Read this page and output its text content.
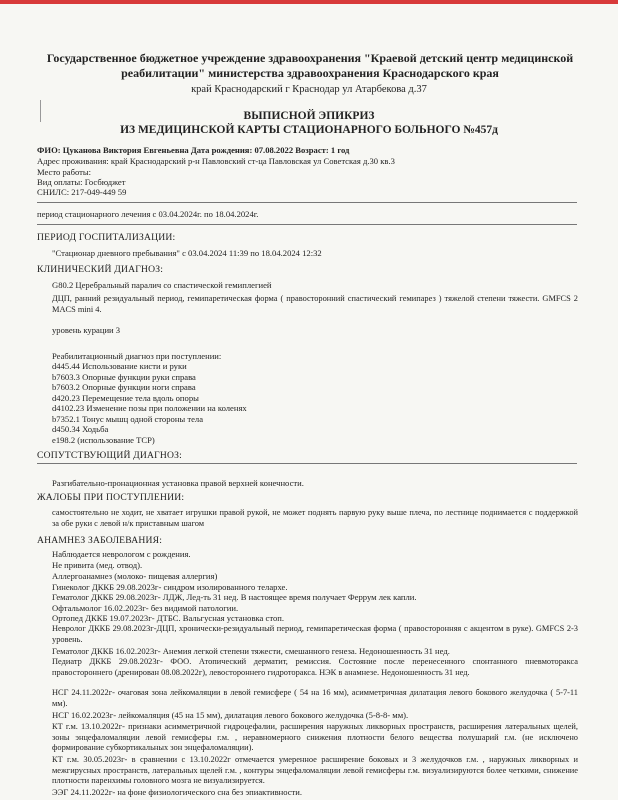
Государственное бюджетное учреждение здравоохранения "Краевой детский центр медицинской реабилитации" министерства здравоохранения Краснодарского края
край Краснодарский г Краснодар ул Атарбекова д.37
ВЫПИСНОЙ ЭПИКРИЗ
ИЗ МЕДИЦИНСКОЙ КАРТЫ СТАЦИОНАРНОГО БОЛЬНОГО №457д
ФИО: Цуканова Виктория Евгеньевна Дата рождения: 07.08.2022 Возраст: 1 год
Адрес проживания: край Краснодарский р-н Павловский ст-ца Павловская ул Советская д.30 кв.3
Место работы:
Вид оплаты: Госбюджет
СНИЛС: 217-049-449 59
период стационарного лечения с 03.04.2024г. по 18.04.2024г.
ПЕРИОД ГОСПИТАЛИЗАЦИИ:
"Стационар дневного пребывания" с 03.04.2024 11:39 по 18.04.2024 12:32
КЛИНИЧЕСКИЙ ДИАГНОЗ:
G80.2 Церебральный паралич со спастической гемиплегией
ДЦП, ранний резидуальный период, гемипаретическая форма ( правосторонний спастический гемипарез ) тяжелой степени тяжести. GMFCS 2 MACS mini 4.
уровень курации 3
Реабилитационный диагноз при поступлении:
d445.44 Использование кисти и руки
b7603.3 Опорные функции руки справа
b7603.2 Опорные функции ноги справа
d420.23 Перемещение тела вдоль опоры
d4102.23 Изменение позы при положении на коленях
b7352.1 Тонус мышц одной стороны тела
d450.34 Ходьба
e198.2 (использование ТСР)
СОПУТСТВУЮЩИЙ ДИАГНОЗ:
Разгибательно-пронационная установка правой верхней конечности.
ЖАЛОБЫ ПРИ ПОСТУПЛЕНИИ:
самостоятельно не ходит, не хватает игрушки правой рукой, не может поднять парвую руку выше плеча, по лестнице поднимается с поддержкой за обе руки с левой н/к приставным шагом
АНАМНЕЗ ЗАБОЛЕВАНИЯ:
Наблюдается неврологом с рождения.
Не привита (мед. отвод).
Аллергоанамнез (молоко- пищевая аллергия)
Гинеколог ДККБ 29.08.2023г- синдром изолированного телархе.
Гематолог ДККБ 29.08.2023г- ЛДЖ, Лед-ть 31 нед. В настоящее время получает Феррум лек капли.
Офтальмолог 16.02.2023г- без видимой патологии.
Ортопед ДККБ 19.07.2023г- ДТБС. Вальгусная установка стоп.
Невролог ДККБ 29.08.2023г-ДЦП, хронически-резидуальный период, гемипаретическая форма ( правосторонняя с акцентом в руке). GMFCS 2-3 уровень.
Гематолог ДККБ 16.02.2023г- Анемия легкой степени тяжести, смешанного генеза. Недоношенность 31 нед.
Педиатр ДККБ 29.08.2023г- ФОО. Атопический дерматит, ремиссия. Состояние после перенесенного спонтанного пневмоторакса правостороннего (дренирован 08.08.2022г), левостороннего гидроторакса. НЭК в анамнезе. Недоношенность 31 нед.
НСГ 24.11.2022г- очаговая зона лейкомаляции в левой гемисфере ( 54 на 16 мм), асимметричная дилатация левого бокового желудочка ( 5-7-11 мм).
НСГ 16.02.2023г- лейкомаляция (45 на 15 мм), дилатация левого бокового желудочка (5-8-8- мм).
КТ г.м. 13.10.2022г- признаки асимметричной гидроцефалии, расширения наружных ликворных пространств, расширения латеральных щелей, зоны энцефаломаляции левой гемисферы г.м. , неравномерного снижения плотности белого вещества полушарий г.м. (не исключено формирование субкортикальных зон энцефаломаляции).
КТ г.м. 30.05.2023г- в сравнении с 13.10.2022г отмечается умеренное расширение боковых и 3 желудочков г.м. , наружных ликворных и межгирусных пространств, латеральных щелей г.м. , контуры энцефаломаляции левой гемисферы г.м. визуализируются более четкими, снижение плотности паренхимы головного мозга не визуализируется.
ЭЭГ 24.11.2022г- на фоне физиологического сна без эпиактивности.
